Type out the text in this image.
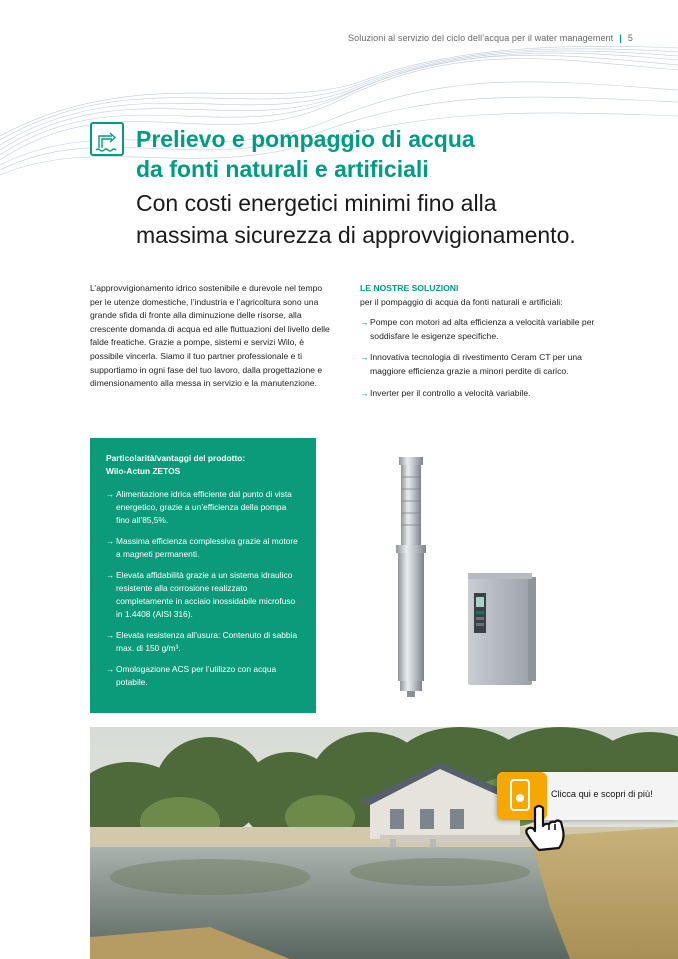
Soluzioni al servizio del ciclo dell’acqua per il water management | 5
Prelievo e pompaggio di acqua
da fonti naturali e artificiali
Con costi energetici minimi fino alla
massima sicurezza di approvvigionamento.

L’approvvigionamento idrico sostenibile e durevole nel tempo per le utenze domestiche, l’industria e l’agricoltura sono una grande sfida di fronte alla diminuzione delle risorse, alla crescente domanda di acqua ed alle fluttuazioni del livello delle falde freatiche. Grazie a pompe, sistemi e servizi Wilo, è possibile vincerla. Siamo il tuo partner professionale e ti supportiamo in ogni fase del tuo lavoro, dalla progettazione e dimensionamento alla messa in servizio e la manutenzione.

LE NOSTRE SOLUZIONI
per il pompaggio di acqua da fonti naturali e artificiali:
→ Pompe con motori ad alta efficienza a velocità variabile per soddisfare le esigenze specifiche.
→ Innovativa tecnologia di rivestimento Ceram CT per una maggiore efficienza grazie a minori perdite di carico.
→ Inverter per il controllo a velocità variabile.
Particolarità/vantaggi del prodotto:
Wilo-Actun ZETOS
→ Alimentazione idrica efficiente dal punto di vista energetico, grazie a un’efficienza della pompa fino all’85,5%.
→ Massima efficienza complessiva grazie al motore a magneti permanenti.
→ Elevata affidabilità grazie a un sistema idraulico resistente alla corrosione realizzato completamente in acciaio inossidabile microfuso in 1.4408 (AISI 316).
→ Elevata resistenza all’usura: Contenuto di sabbia max. di 150 g/m³.
→ Omologazione ACS per l’utilizzo con acqua potabile.
Clicca qui e scopri di più!
